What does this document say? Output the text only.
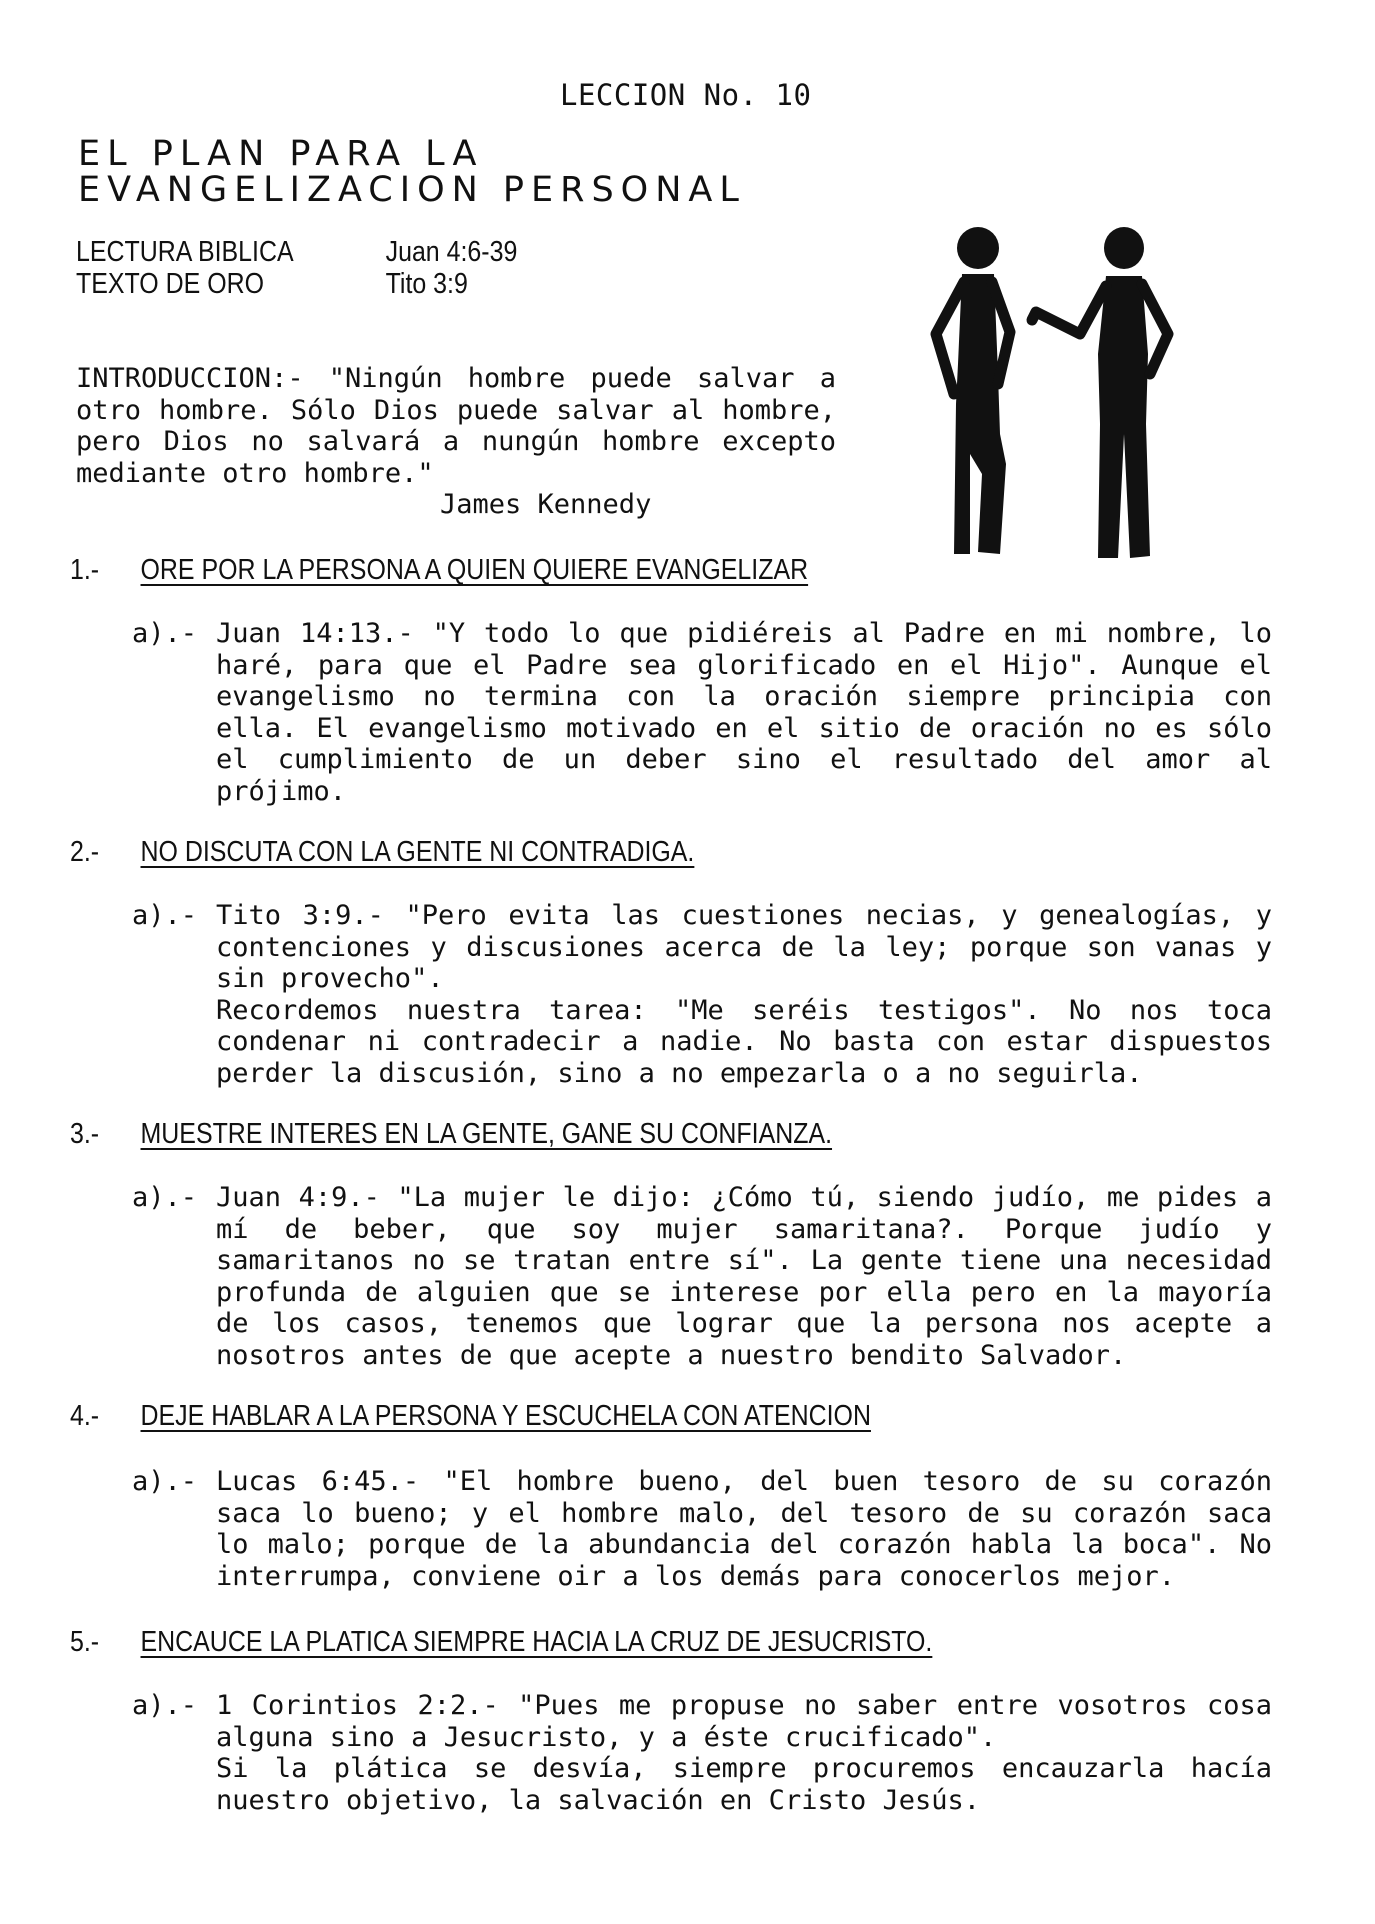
LECCION No. 10
EL PLAN PARA LA
EVANGELIZACION PERSONAL
LECTURA BIBLICA	Juan 4:6-39
TEXTO DE ORO	Tito 3:9

INTRODUCCION:- "Ningún hombre puede salvar a otro hombre. Sólo Dios puede salvar al hombre, pero Dios no salvará a nungún hombre excepto mediante otro hombre."

James Kennedy

1.- ORE POR LA PERSONA A QUIEN QUIERE EVANGELIZAR
a).- Juan 14:13.- "Y todo lo que pidiéreis al Padre en mi nombre, lo haré, para que el Padre sea glorificado en el Hijo". Aunque el evangelismo no termina con la oración siempre principia con ella. El evangelismo motivado en el sitio de oración no es sólo el cumplimiento de un deber sino el resultado del amor al prójimo.

2.- NO DISCUTA CON LA GENTE NI CONTRADIGA.
a).- Tito 3:9.- "Pero evita las cuestiones necias, y genealogías, y contenciones y discusiones acerca de la ley; porque son vanas y sin provecho".

Recordemos nuestra tarea: "Me seréis testigos". No nos toca condenar ni contradecir a nadie. No basta con estar dispuestos perder la discusión, sino a no empezarla o a no seguirla.

3.- MUESTRE INTERES EN LA GENTE, GANE SU CONFIANZA.
a).- Juan 4:9.- "La mujer le dijo: ¿Cómo tú, siendo judío, me pides a mí de beber, que soy mujer samaritana?. Porque judío y samaritanos no se tratan entre sí". La gente tiene una necesidad profunda de alguien que se interese por ella pero en la mayoría de los casos, tenemos que lograr que la persona nos acepte a nosotros antes de que acepte a nuestro bendito Salvador.

4.- DEJE HABLAR A LA PERSONA Y ESCUCHELA CON ATENCION
a).- Lucas 6:45.- "El hombre bueno, del buen tesoro de su corazón saca lo bueno; y el hombre malo, del tesoro de su corazón saca lo malo; porque de la abundancia del corazón habla la boca". No interrumpa, conviene oir a los demás para conocerlos mejor.

5.- ENCAUCE LA PLATICA SIEMPRE HACIA LA CRUZ DE JESUCRISTO.
a).- 1 Corintios 2:2.- "Pues me propuse no saber entre vosotros cosa alguna sino a Jesucristo, y a éste crucificado".

Si la plática se desvía, siempre procuremos encauzarla hacía nuestro objetivo, la salvación en Cristo Jesús.
